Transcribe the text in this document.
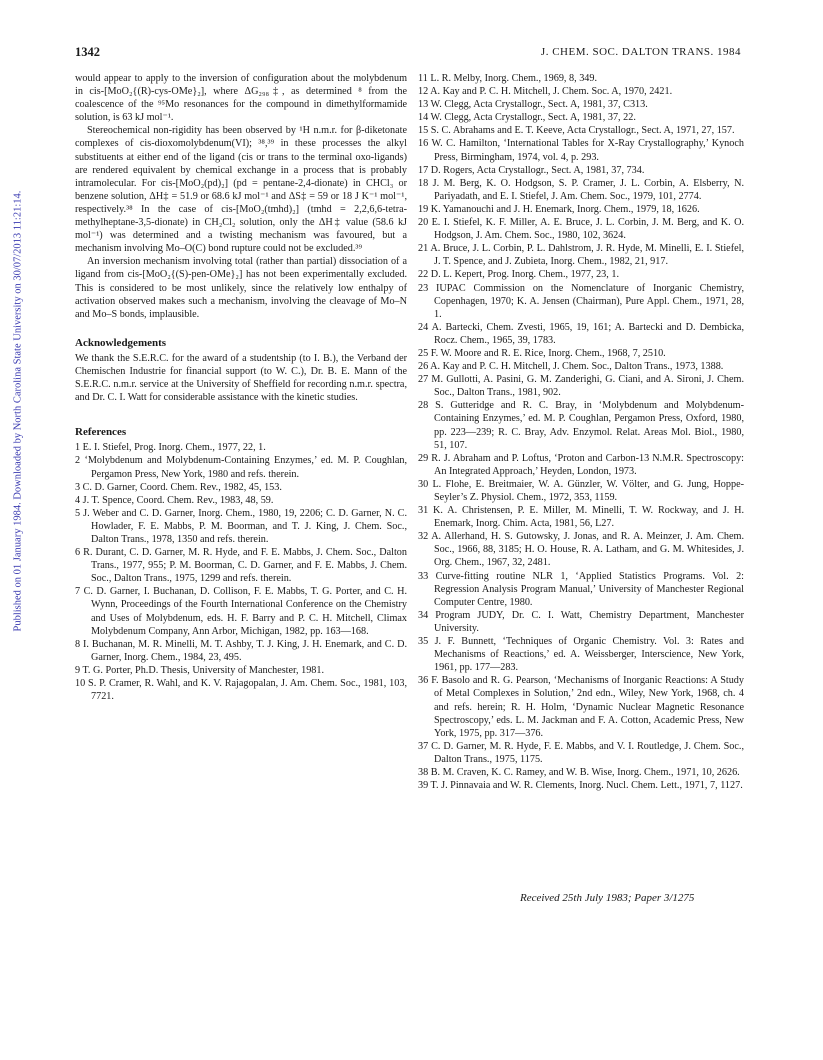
1342	J. CHEM. SOC. DALTON TRANS. 1984
Published on 01 January 1984. Downloaded by North Carolina State University on 30/07/2013 11:21:14.

would appear to apply to the inversion of configuration about the molybdenum in cis-[MoO₂{(R)-cys-OMe}₂], where ΔG₂₉₈‡, as determined ⁸ from the coalescence of the ⁹⁵Mo resonances for the compound in dimethylformamide solution, is 63 kJ mol⁻¹.

Stereochemical non-rigidity has been observed by ¹H n.m.r. for β-diketonate complexes of cis-dioxomolybdenum(VI); ³⁸,³⁹ in these processes the alkyl substituents at either end of the ligand (cis or trans to the terminal oxo-ligands) are rendered equivalent by chemical exchange in a process that is probably intramolecular. For cis-[MoO₂(pd)₂] (pd = pentane-2,4-dionate) in CHCl₃ or benzene solution, ΔH‡ = 51.9 or 68.6 kJ mol⁻¹ and ΔS‡ = 59 or 18 J K⁻¹ mol⁻¹, respectively.³⁸ In the case of cis-[MoO₂(tmhd)₂] (tmhd = 2,2,6,6-tetra-methylheptane-3,5-dionate) in CH₂Cl₂ solution, only the ΔH‡ value (58.6 kJ mol⁻¹) was determined and a twisting mechanism was favoured, but a mechanism involving Mo–O(C) bond rupture could not be excluded.³⁹

An inversion mechanism involving total (rather than partial) dissociation of a ligand from cis-[MoO₂{(S)-pen-OMe}₂] has not been experimentally excluded. This is considered to be most unlikely, since the relatively low enthalpy of activation observed makes such a mechanism, involving the cleavage of Mo–N and Mo–S bonds, implausible.

Acknowledgements

We thank the S.E.R.C. for the award of a studentship (to I. B.), the Verband der Chemischen Industrie for financial support (to W. C.), Dr. B. E. Mann of the S.E.R.C. n.m.r. service at the University of Sheffield for recording n.m.r. spectra, and Dr. C. I. Watt for considerable assistance with the kinetic studies.

References

1 E. I. Stiefel, Prog. Inorg. Chem., 1977, 22, 1.

2 ‘Molybdenum and Molybdenum-Containing Enzymes,’ ed. M. P. Coughlan, Pergamon Press, New York, 1980 and refs. therein.

3 C. D. Garner, Coord. Chem. Rev., 1982, 45, 153.

4 J. T. Spence, Coord. Chem. Rev., 1983, 48, 59.

5 J. Weber and C. D. Garner, Inorg. Chem., 1980, 19, 2206; C. D. Garner, N. C. Howlader, F. E. Mabbs, P. M. Boorman, and T. J. King, J. Chem. Soc., Dalton Trans., 1978, 1350 and refs. therein.

6 R. Durant, C. D. Garner, M. R. Hyde, and F. E. Mabbs, J. Chem. Soc., Dalton Trans., 1977, 955; P. M. Boorman, C. D. Garner, and F. E. Mabbs, J. Chem. Soc., Dalton Trans., 1975, 1299 and refs. therein.

7 C. D. Garner, I. Buchanan, D. Collison, F. E. Mabbs, T. G. Porter, and C. H. Wynn, Proceedings of the Fourth International Conference on the Chemistry and Uses of Molybdenum, eds. H. F. Barry and P. C. H. Mitchell, Climax Molybdenum Company, Ann Arbor, Michigan, 1982, pp. 163—168.

8 I. Buchanan, M. R. Minelli, M. T. Ashby, T. J. King, J. H. Enemark, and C. D. Garner, Inorg. Chem., 1984, 23, 495.

9 T. G. Porter, Ph.D. Thesis, University of Manchester, 1981.

10 S. P. Cramer, R. Wahl, and K. V. Rajagopalan, J. Am. Chem. Soc., 1981, 103, 7721.

11 L. R. Melby, Inorg. Chem., 1969, 8, 349.

12 A. Kay and P. C. H. Mitchell, J. Chem. Soc. A, 1970, 2421.

13 W. Clegg, Acta Crystallogr., Sect. A, 1981, 37, C313.

14 W. Clegg, Acta Crystallogr., Sect. A, 1981, 37, 22.

15 S. C. Abrahams and E. T. Keeve, Acta Crystallogr., Sect. A, 1971, 27, 157.

16 W. C. Hamilton, ‘International Tables for X-Ray Crystallography,’ Kynoch Press, Birmingham, 1974, vol. 4, p. 293.

17 D. Rogers, Acta Crystallogr., Sect. A, 1981, 37, 734.

18 J. M. Berg, K. O. Hodgson, S. P. Cramer, J. L. Corbin, A. Elsberry, N. Pariyadath, and E. I. Stiefel, J. Am. Chem. Soc., 1979, 101, 2774.

19 K. Yamanouchi and J. H. Enemark, Inorg. Chem., 1979, 18, 1626.

20 E. I. Stiefel, K. F. Miller, A. E. Bruce, J. L. Corbin, J. M. Berg, and K. O. Hodgson, J. Am. Chem. Soc., 1980, 102, 3624.

21 A. Bruce, J. L. Corbin, P. L. Dahlstrom, J. R. Hyde, M. Minelli, E. I. Stiefel, J. T. Spence, and J. Zubieta, Inorg. Chem., 1982, 21, 917.

22 D. L. Kepert, Prog. Inorg. Chem., 1977, 23, 1.

23 IUPAC Commission on the Nomenclature of Inorganic Chemistry, Copenhagen, 1970; K. A. Jensen (Chairman), Pure Appl. Chem., 1971, 28, 1.

24 A. Bartecki, Chem. Zvesti, 1965, 19, 161; A. Bartecki and D. Dembicka, Rocz. Chem., 1965, 39, 1783.

25 F. W. Moore and R. E. Rice, Inorg. Chem., 1968, 7, 2510.

26 A. Kay and P. C. H. Mitchell, J. Chem. Soc., Dalton Trans., 1973, 1388.

27 M. Gullotti, A. Pasini, G. M. Zanderighi, G. Ciani, and A. Sironi, J. Chem. Soc., Dalton Trans., 1981, 902.

28 S. Gutteridge and R. C. Bray, in ‘Molybdenum and Molybdenum-Containing Enzymes,’ ed. M. P. Coughlan, Pergamon Press, Oxford, 1980, pp. 223—239; R. C. Bray, Adv. Enzymol. Relat. Areas Mol. Biol., 1980, 51, 107.

29 R. J. Abraham and P. Loftus, ‘Proton and Carbon-13 N.M.R. Spectroscopy: An Integrated Approach,’ Heyden, London, 1973.

30 L. Flohe, E. Breitmaier, W. A. Günzler, W. Völter, and G. Jung, Hoppe-Seyler’s Z. Physiol. Chem., 1972, 353, 1159.

31 K. A. Christensen, P. E. Miller, M. Minelli, T. W. Rockway, and J. H. Enemark, Inorg. Chim. Acta, 1981, 56, L27.

32 A. Allerhand, H. S. Gutowsky, J. Jonas, and R. A. Meinzer, J. Am. Chem. Soc., 1966, 88, 3185; H. O. House, R. A. Latham, and G. M. Whitesides, J. Org. Chem., 1967, 32, 2481.

33 Curve-fitting routine NLR 1, ‘Applied Statistics Programs. Vol. 2: Regression Analysis Program Manual,’ University of Manchester Regional Computer Centre, 1980.

34 Program JUDY, Dr. C. I. Watt, Chemistry Department, Manchester University.

35 J. F. Bunnett, ‘Techniques of Organic Chemistry. Vol. 3: Rates and Mechanisms of Reactions,’ ed. A. Weissberger, Interscience, New York, 1961, pp. 177—283.

36 F. Basolo and R. G. Pearson, ‘Mechanisms of Inorganic Reactions: A Study of Metal Complexes in Solution,’ 2nd edn., Wiley, New York, 1968, ch. 4 and refs. herein; R. H. Holm, ‘Dynamic Nuclear Magnetic Resonance Spectroscopy,’ eds. L. M. Jackman and F. A. Cotton, Academic Press, New York, 1975, pp. 317—376.

37 C. D. Garner, M. R. Hyde, F. E. Mabbs, and V. I. Routledge, J. Chem. Soc., Dalton Trans., 1975, 1175.

38 B. M. Craven, K. C. Ramey, and W. B. Wise, Inorg. Chem., 1971, 10, 2626.

39 T. J. Pinnavaia and W. R. Clements, Inorg. Nucl. Chem. Lett., 1971, 7, 1127.

Received 25th July 1983; Paper 3/1275
